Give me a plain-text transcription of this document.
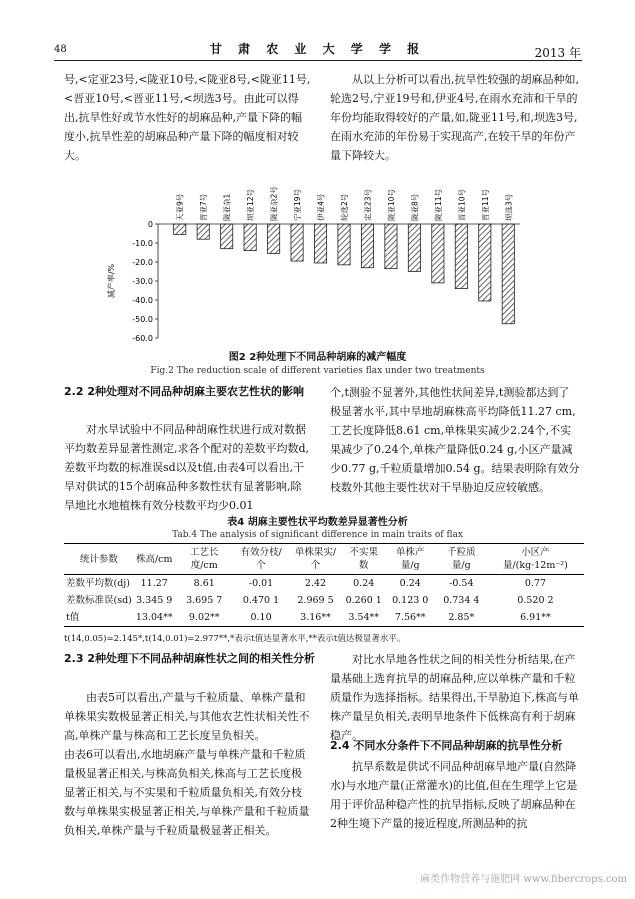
48	甘 肃 农 业 大 学 学 报	2013 年

号,<定亚23号,<陇亚10号,<陇亚8号,<陇亚11号,<晋亚10号,<晋亚11号,<坝选3号。由此可以得出,抗旱性好或节水性好的胡麻品种,产量下降的幅度小,抗旱性差的胡麻品种产量下降的幅度相对较大。

从以上分析可以看出,抗旱性较强的胡麻品种如,轮选2号,宁亚19号和,伊亚4号,在雨水充沛和干旱的年份均能取得较好的产量,如,陇亚11号,和,坝选3号,在雨水充沛的年份易于实现高产,在较干旱的年份产量下降较大。

0
-10.0
-20.0
-30.0
-40.0
-50.0
-60.0
减产率/%
天亚9号 晋亚7号 陇亚杂1 坝亚12号 陇亚杂2号 宁亚19号 伊亚4号 轮选2号 定亚23号 陇亚10号 陇亚8号 陇亚11号 晋亚10号 晋亚11号 坝选3号
图2 2种处理下不同品种胡麻的减产幅度
Fig.2 The reduction scale of different varieties flax under two treatments

2.2 2种处理对不同品种胡麻主要农艺性状的影响

对水旱试验中不同品种胡麻性状进行成对数据平均数差异显著性测定,求各个配对的差数平均数d,差数平均数的标准误sd以及t值,由表4可以看出,干旱对供试的15个胡麻品种多数性状有显著影响,除旱地比水地植株有效分枝数平均少0.01

个,t测验不显著外,其他性状间差异,t测验都达到了极显著水平,其中旱地胡麻株高平均降低11.27 cm,工艺长度降低8.61 cm,单株果实减少2.24个,不实果减少了0.24个,单株产量降低0.24 g,小区产量减少0.77 g,千粒质量增加0.54 g。结果表明除有效分枝数外其他主要性状对干旱胁迫反应较敏感。

表4 胡麻主要性状平均数差异显著性分析
Tab.4 The analysis of significant difference in main traits of flax
统计参数	株高/cm	工艺长度/cm	有效分枝/个	单株果实/个	不实果数	单株产量/g	千粒质量/g	小区产量/(kg·12m⁻²)
差数平均数(dj)	11.27	8.61	-0.01	2.42	0.24	0.24	-0.54	0.77
差数标准误(sd)	3.345 9	3.695 7	0.470 1	2.969 5	0.260 1	0.123 0	0.734 4	0.520 2
t值	13.04**	9.02**	0.10	3.16**	3.54**	7.56**	2.85*	6.91**
t(14,0.05)=2.145*,t(14,0.01)=2.977**,*表示t值达显著水平,**表示t值达极显著水平。

2.3 2种处理下不同品种胡麻性状之间的相关性分析

由表5可以看出,产量与千粒质量、单株产量和单株果实数极显著正相关,与其他农艺性状相关性不高,单株产量与株高和工艺长度呈负相关。
由表6可以看出,水地胡麻产量与单株产量和千粒质量极显著正相关,与株高负相关,株高与工艺长度极显著正相关,与不实果和千粒质量负相关,有效分枝数与单株果实极显著正相关,与单株产量和千粒质量负相关,单株产量与千粒质量极显著正相关。

对比水旱地各性状之间的相关性分析结果,在产量基础上选育抗旱的胡麻品种,应以单株产量和千粒质量作为选择指标。结果得出,干旱胁迫下,株高与单株产量呈负相关,表明旱地条件下低株高有利于胡麻稳产。

2.4 不同水分条件下不同品种胡麻的抗旱性分析

抗旱系数是供试不同品种胡麻旱地产量(自然降水)与水地产量(正常灌水)的比值,但在生理学上它是用于评价品种稳产性的抗旱指标,反映了胡麻品种在2种生境下产量的接近程度,所测品种的抗

麻类作物营养与施肥网 www.fibercrops.com
